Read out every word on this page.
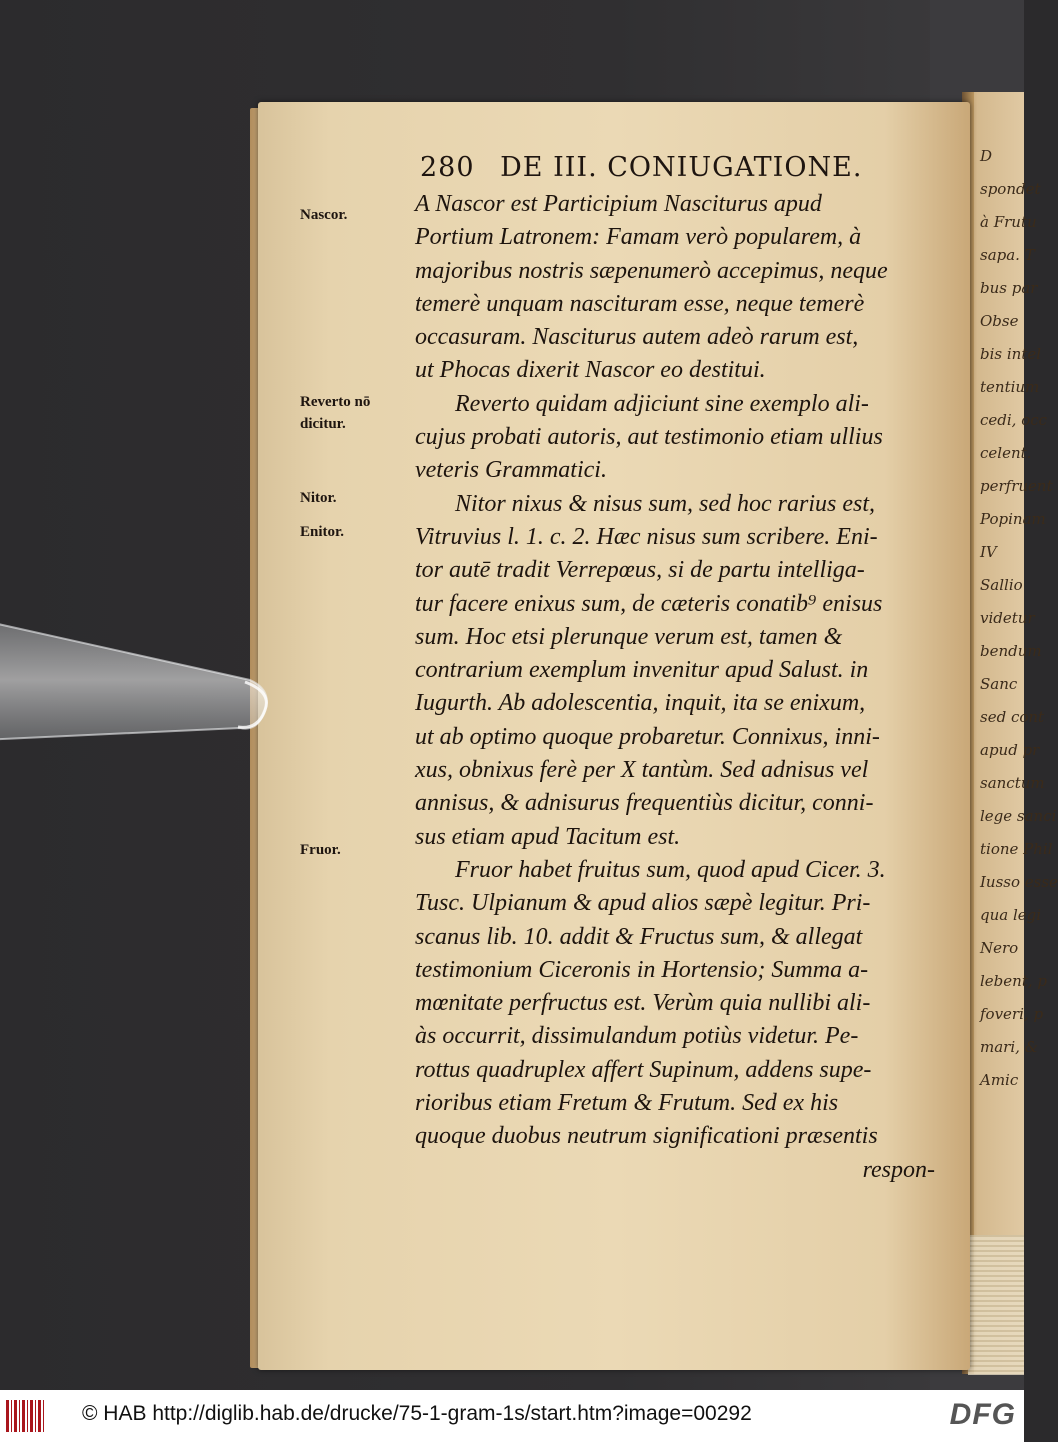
D
spondet
à Frutu
sapa. T
bus par
Obse
bis intel
tentium
cedi, occ
celent.
perfruent
Popinam
IV
Sallio
videtur
bendum
Sanc
sed cont
apud pr
sanctum
lege sanci
tione Phil
Iusso esse
qua legi
Nero
lebent, p
foveri, p
mari, &
Amic
280 DE III. CONIUGATIONE.
Nascor.
Reverto nō
dicitur.
Nitor.
Enitor.
Fruor.
A Nascor est Participium Nasciturus apud
Portium Latronem: Famam verò popularem, à
majoribus nostris sæpenumerò accepimus, neque
temerè unquam nascituram esse, neque temerè
occasuram. Nasciturus autem adeò rarum est,
ut Phocas dixerit Nascor eo destitui.
Reverto quidam adjiciunt sine exemplo ali-
cujus probati autoris, aut testimonio etiam ullius
veteris Grammatici.
Nitor nixus & nisus sum, sed hoc rarius est,
Vitruvius l. 1. c. 2. Hæc nisus sum scribere. Eni-
tor autē tradit Verrepœus, si de partu intelliga-
tur facere enixus sum, de cæteris conatib⁹ enisus
sum. Hoc etsi plerunque verum est, tamen &
contrarium exemplum invenitur apud Salust. in
Iugurth. Ab adolescentia, inquit, ita se enixum,
ut ab optimo quoque probaretur. Connixus, inni-
xus, obnixus ferè per X tantùm. Sed adnisus vel
annisus, & adnisurus frequentiùs dicitur, conni-
sus etiam apud Tacitum est.
Fruor habet fruitus sum, quod apud Cicer. 3.
Tusc. Ulpianum & apud alios sæpè legitur. Pri-
scanus lib. 10. addit & Fructus sum, & allegat
testimonium Ciceronis in Hortensio; Summa a-
mœnitate perfructus est. Verùm quia nullibi ali-
às occurrit, dissimulandum potiùs videtur. Pe-
rottus quadruplex affert Supinum, addens supe-
rioribus etiam Fretum & Frutum. Sed ex his
quoque duobus neutrum significationi præsentis
respon-
© HAB http://diglib.hab.de/drucke/75-1-gram-1s/start.htm?image=00292	DFG
